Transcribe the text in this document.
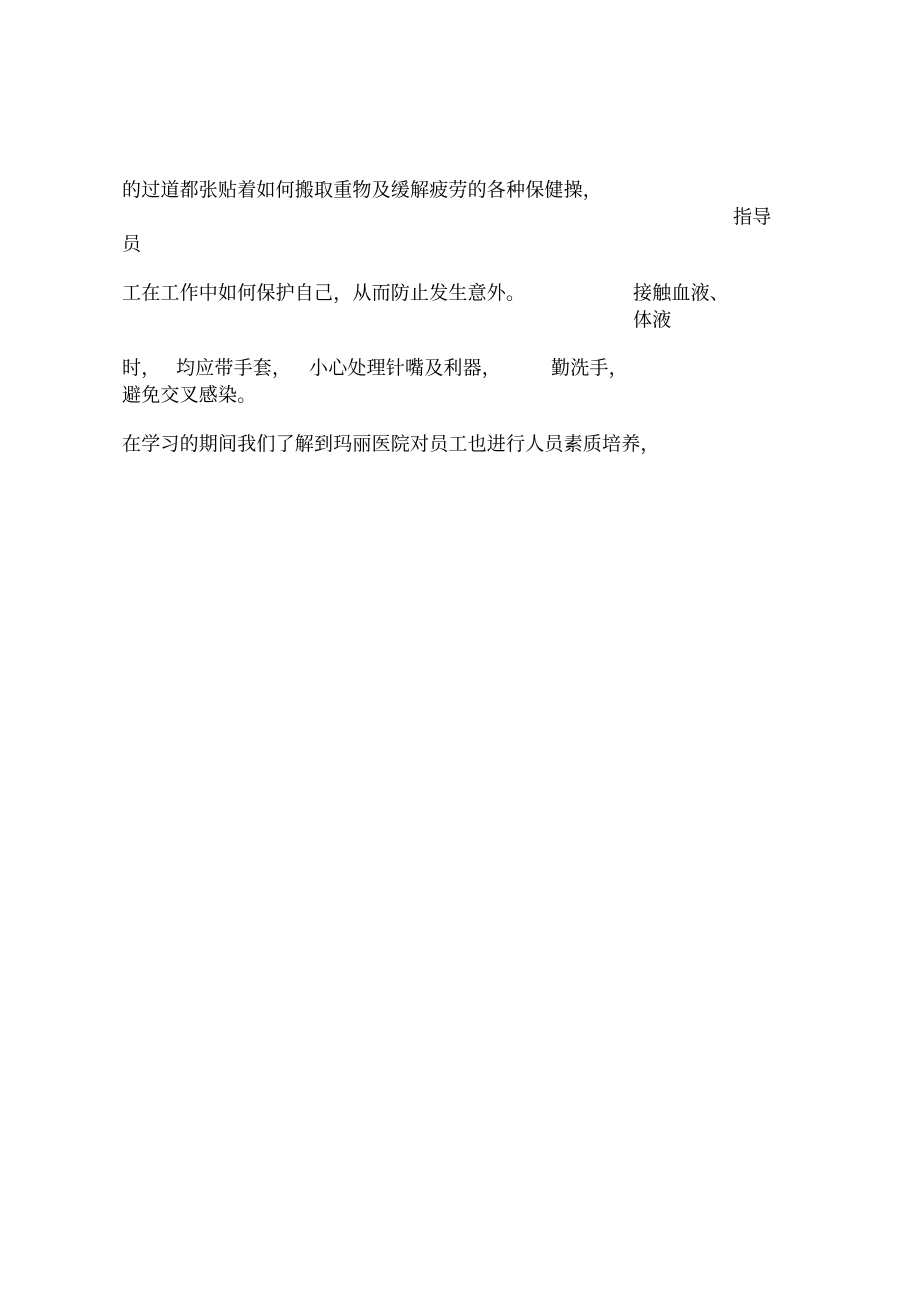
的过道都张贴着如何搬取重物及缓解疲劳的各种保健操，
指导
员
工在工作中如何保护自己，从而防止发生意外。	接触血液、
体液
时， 均应带手套， 小心处理针嘴及利器，	勤洗手，
避免交叉感染。
在学习的期间我们了解到玛丽医院对员工也进行人员素质培养，
